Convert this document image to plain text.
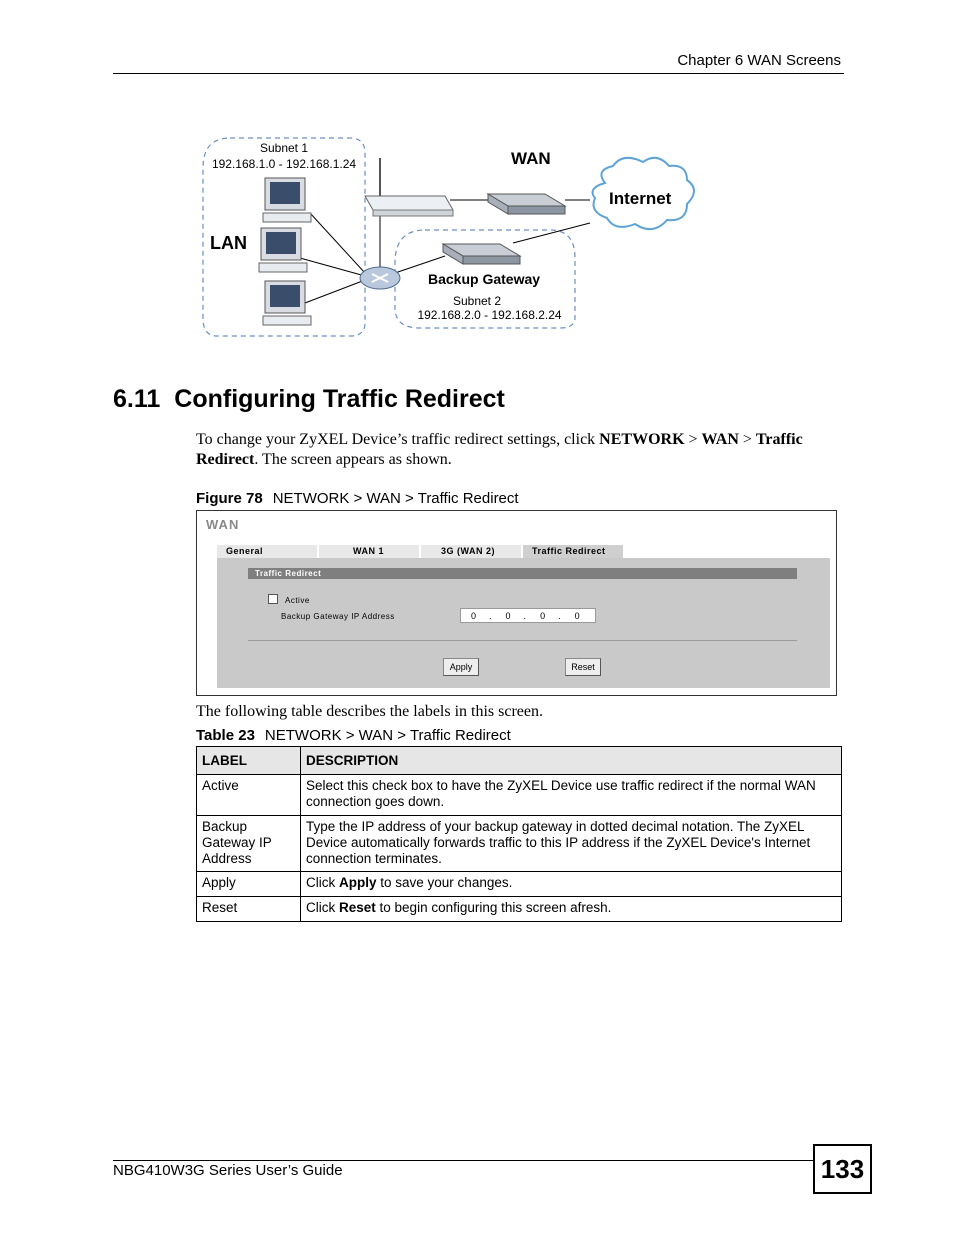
Chapter 6 WAN Screens
Subnet 1
192.168.1.0 - 192.168.1.24
LAN
WAN
Internet
Backup Gateway
Subnet 2
192.168.2.0 - 192.168.2.24
6.11 Configuring Traffic Redirect

To change your ZyXEL Device’s traffic redirect settings, click NETWORK > WAN > Traffic Redirect. The screen appears as shown.

Figure 78 NETWORK > WAN > Traffic Redirect
WAN
General	WAN 1	3G (WAN 2)	Traffic Redirect
Traffic Redirect
Active
Backup Gateway IP Address	0 . 0 . 0 . 0
Apply	Reset

The following table describes the labels in this screen.

Table 23 NETWORK > WAN > Traffic Redirect
LABEL	DESCRIPTION
Active	Select this check box to have the ZyXEL Device use traffic redirect if the normal WAN connection goes down.
Backup Gateway IP Address	Type the IP address of your backup gateway in dotted decimal notation. The ZyXEL Device automatically forwards traffic to this IP address if the ZyXEL Device's Internet connection terminates.
Apply	Click Apply to save your changes.
Reset	Click Reset to begin configuring this screen afresh.
NBG410W3G Series User’s Guide	133
